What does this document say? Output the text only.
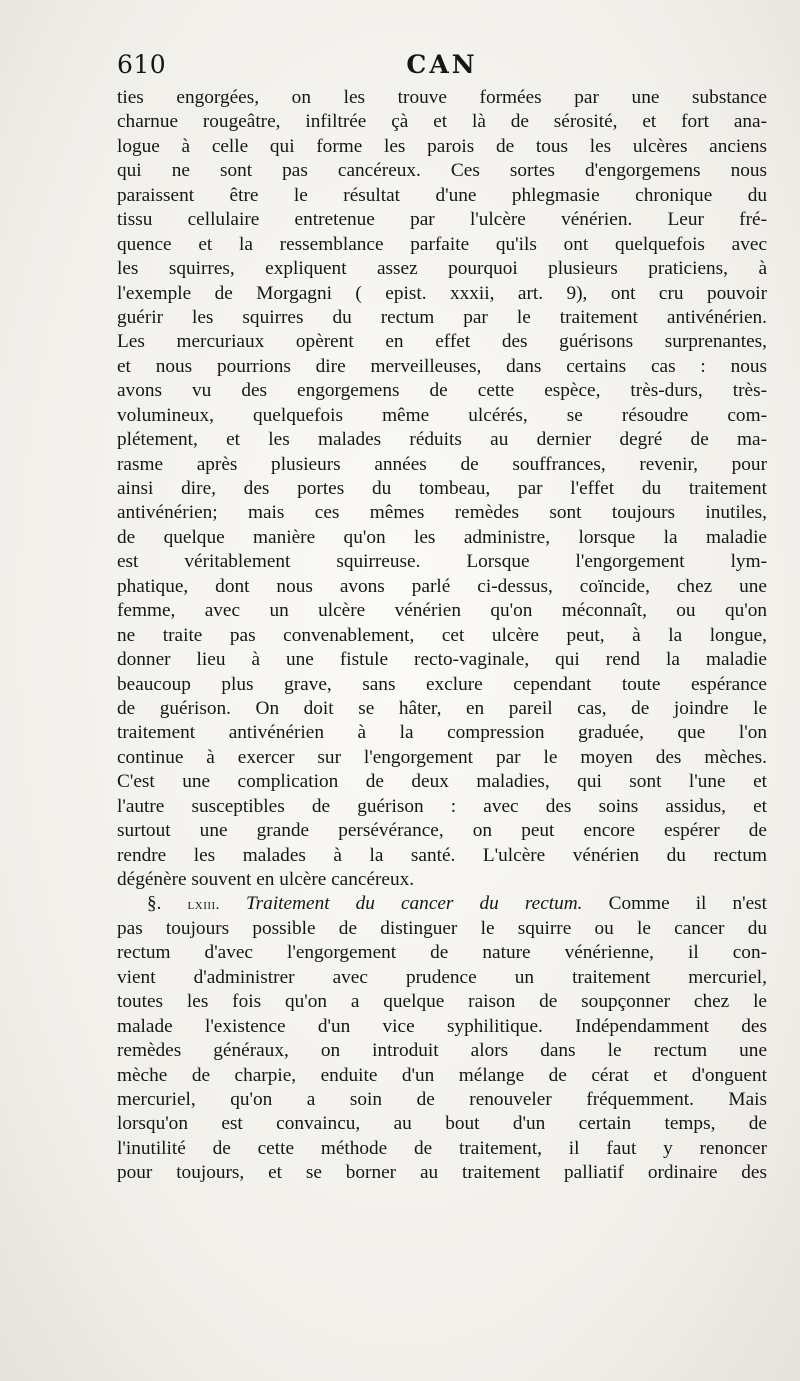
610	CAN
ties engorgées, on les trouve formées par une substance
charnue rougeâtre, infiltrée çà et là de sérosité, et fort ana-
logue à celle qui forme les parois de tous les ulcères anciens
qui ne sont pas cancéreux. Ces sortes d'engorgemens nous
paraissent être le résultat d'une phlegmasie chronique du
tissu cellulaire entretenue par l'ulcère vénérien. Leur fré-
quence et la ressemblance parfaite qu'ils ont quelquefois avec
les squirres, expliquent assez pourquoi plusieurs praticiens, à
l'exemple de Morgagni ( epist. xxxii, art. 9), ont cru pouvoir
guérir les squirres du rectum par le traitement antivénérien.
Les mercuriaux opèrent en effet des guérisons surprenantes,
et nous pourrions dire merveilleuses, dans certains cas : nous
avons vu des engorgemens de cette espèce, très-durs, très-
volumineux, quelquefois même ulcérés, se résoudre com-
plétement, et les malades réduits au dernier degré de ma-
rasme après plusieurs années de souffrances, revenir, pour
ainsi dire, des portes du tombeau, par l'effet du traitement
antivénérien; mais ces mêmes remèdes sont toujours inutiles,
de quelque manière qu'on les administre, lorsque la maladie
est véritablement squirreuse. Lorsque l'engorgement lym-
phatique, dont nous avons parlé ci-dessus, coïncide, chez une
femme, avec un ulcère vénérien qu'on méconnaît, ou qu'on
ne traite pas convenablement, cet ulcère peut, à la longue,
donner lieu à une fistule recto-vaginale, qui rend la maladie
beaucoup plus grave, sans exclure cependant toute espérance
de guérison. On doit se hâter, en pareil cas, de joindre le
traitement antivénérien à la compression graduée, que l'on
continue à exercer sur l'engorgement par le moyen des mèches.
C'est une complication de deux maladies, qui sont l'une et
l'autre susceptibles de guérison : avec des soins assidus, et
surtout une grande persévérance, on peut encore espérer de
rendre les malades à la santé. L'ulcère vénérien du rectum
dégénère souvent en ulcère cancéreux.
§. lxiii. Traitement du cancer du rectum. Comme il n'est
pas toujours possible de distinguer le squirre ou le cancer du
rectum d'avec l'engorgement de nature vénérienne, il con-
vient d'administrer avec prudence un traitement mercuriel,
toutes les fois qu'on a quelque raison de soupçonner chez le
malade l'existence d'un vice syphilitique. Indépendamment des
remèdes généraux, on introduit alors dans le rectum une
mèche de charpie, enduite d'un mélange de cérat et d'onguent
mercuriel, qu'on a soin de renouveler fréquemment. Mais
lorsqu'on est convaincu, au bout d'un certain temps, de
l'inutilité de cette méthode de traitement, il faut y renoncer
pour toujours, et se borner au traitement palliatif ordinaire des
